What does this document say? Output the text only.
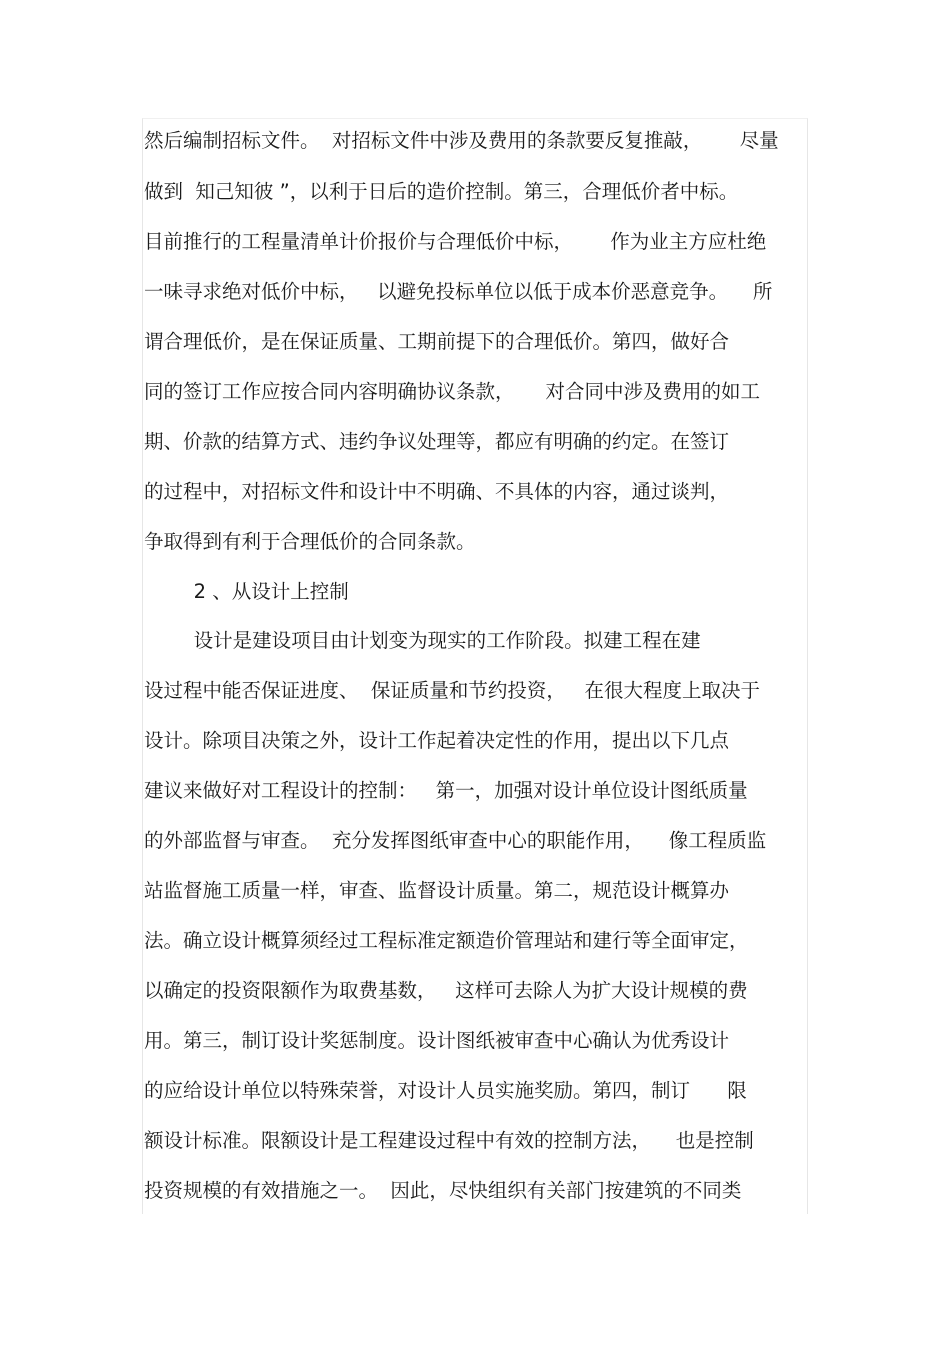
然后编制招标文件。  对招标文件中涉及费用的条款要反复推敲，      尽量
做到  知己知彼 ”，以利于日后的造价控制。第三，合理低价者中标。
目前推行的工程量清单计价报价与合理低价中标，      作为业主方应杜绝
一味寻求绝对低价中标，   以避免投标单位以低于成本价恶意竞争。    所
谓合理低价，是在保证质量、工期前提下的合理低价。第四，做好合
同的签订工作应按合同内容明确协议条款，     对合同中涉及费用的如工
期、价款的结算方式、违约争议处理等，都应有明确的约定。在签订
的过程中，对招标文件和设计中不明确、不具体的内容，通过谈判，
争取得到有利于合理低价的合同条款。
2 、从设计上控制
设计是建设项目由计划变为现实的工作阶段。拟建工程在建
设过程中能否保证进度、  保证质量和节约投资，   在很大程度上取决于
设计。除项目决策之外，设计工作起着决定性的作用，提出以下几点
建议来做好对工程设计的控制：   第一，加强对设计单位设计图纸质量
的外部监督与审查。  充分发挥图纸审查中心的职能作用，    像工程质监
站监督施工质量一样，审查、监督设计质量。第二，规范设计概算办
法。确立设计概算须经过工程标准定额造价管理站和建行等全面审定，
以确定的投资限额作为取费基数，   这样可去除人为扩大设计规模的费
用。第三，制订设计奖惩制度。设计图纸被审查中心确认为优秀设计
的应给设计单位以特殊荣誉，对设计人员实施奖励。第四，制订      限
额设计标准。限额设计是工程建设过程中有效的控制方法，    也是控制
投资规模的有效措施之一。  因此，尽快组织有关部门按建筑的不同类
